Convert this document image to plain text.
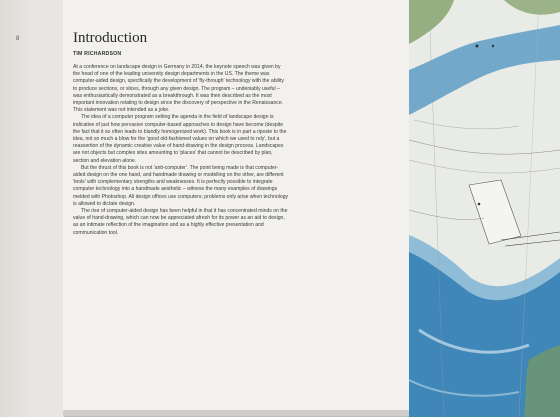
8	Introduction
TIM RICHARDSON

At a conference on landscape design in Germany in 2014, the keynote speech was given by the head of one of the leading university design departments in the US. The theme was computer-aided design, specifically the development of 'fly-through' technology with the ability to produce sections, or slices, through any given design. The program – undeniably useful – was enthusiastically demonstrated as a breakthrough. It was then described as the most important innovation relating to design since the discovery of perspective in the Renaissance. This statement was not intended as a joke.

The idea of a computer program setting the agenda in the field of landscape design is indicative of just how pervasive computer-based approaches to design have become (despite the fact that it so often leads to blandly homogenized work). This book is in part a riposte to the idea, not so much a blow for the 'good old-fashioned values on which we used to rely', but a reassertion of the dynamic creative value of hand-drawing in the design process. Landscapes are not objects but complex sites amounting to 'places' that cannot be described by plan, section and elevation alone.

But the thrust of this book is not 'anti-computer'. The point being made is that computer-aided design on the one hand, and handmade drawing or modelling on the other, are different 'tools' with complementary strengths and weaknesses. It is perfectly possible to integrate computer technology into a handmade aesthetic – witness the many examples of drawings melded with Photoshop. All design offices use computers; problems only arise when technology is allowed to dictate design.

The rise of computer-aided design has been helpful in that it has concentrated minds on the value of hand-drawing, which can now be appreciated afresh for its power as an aid to design, as an intimate reflection of the imagination and as a highly effective presentation and communication tool.
